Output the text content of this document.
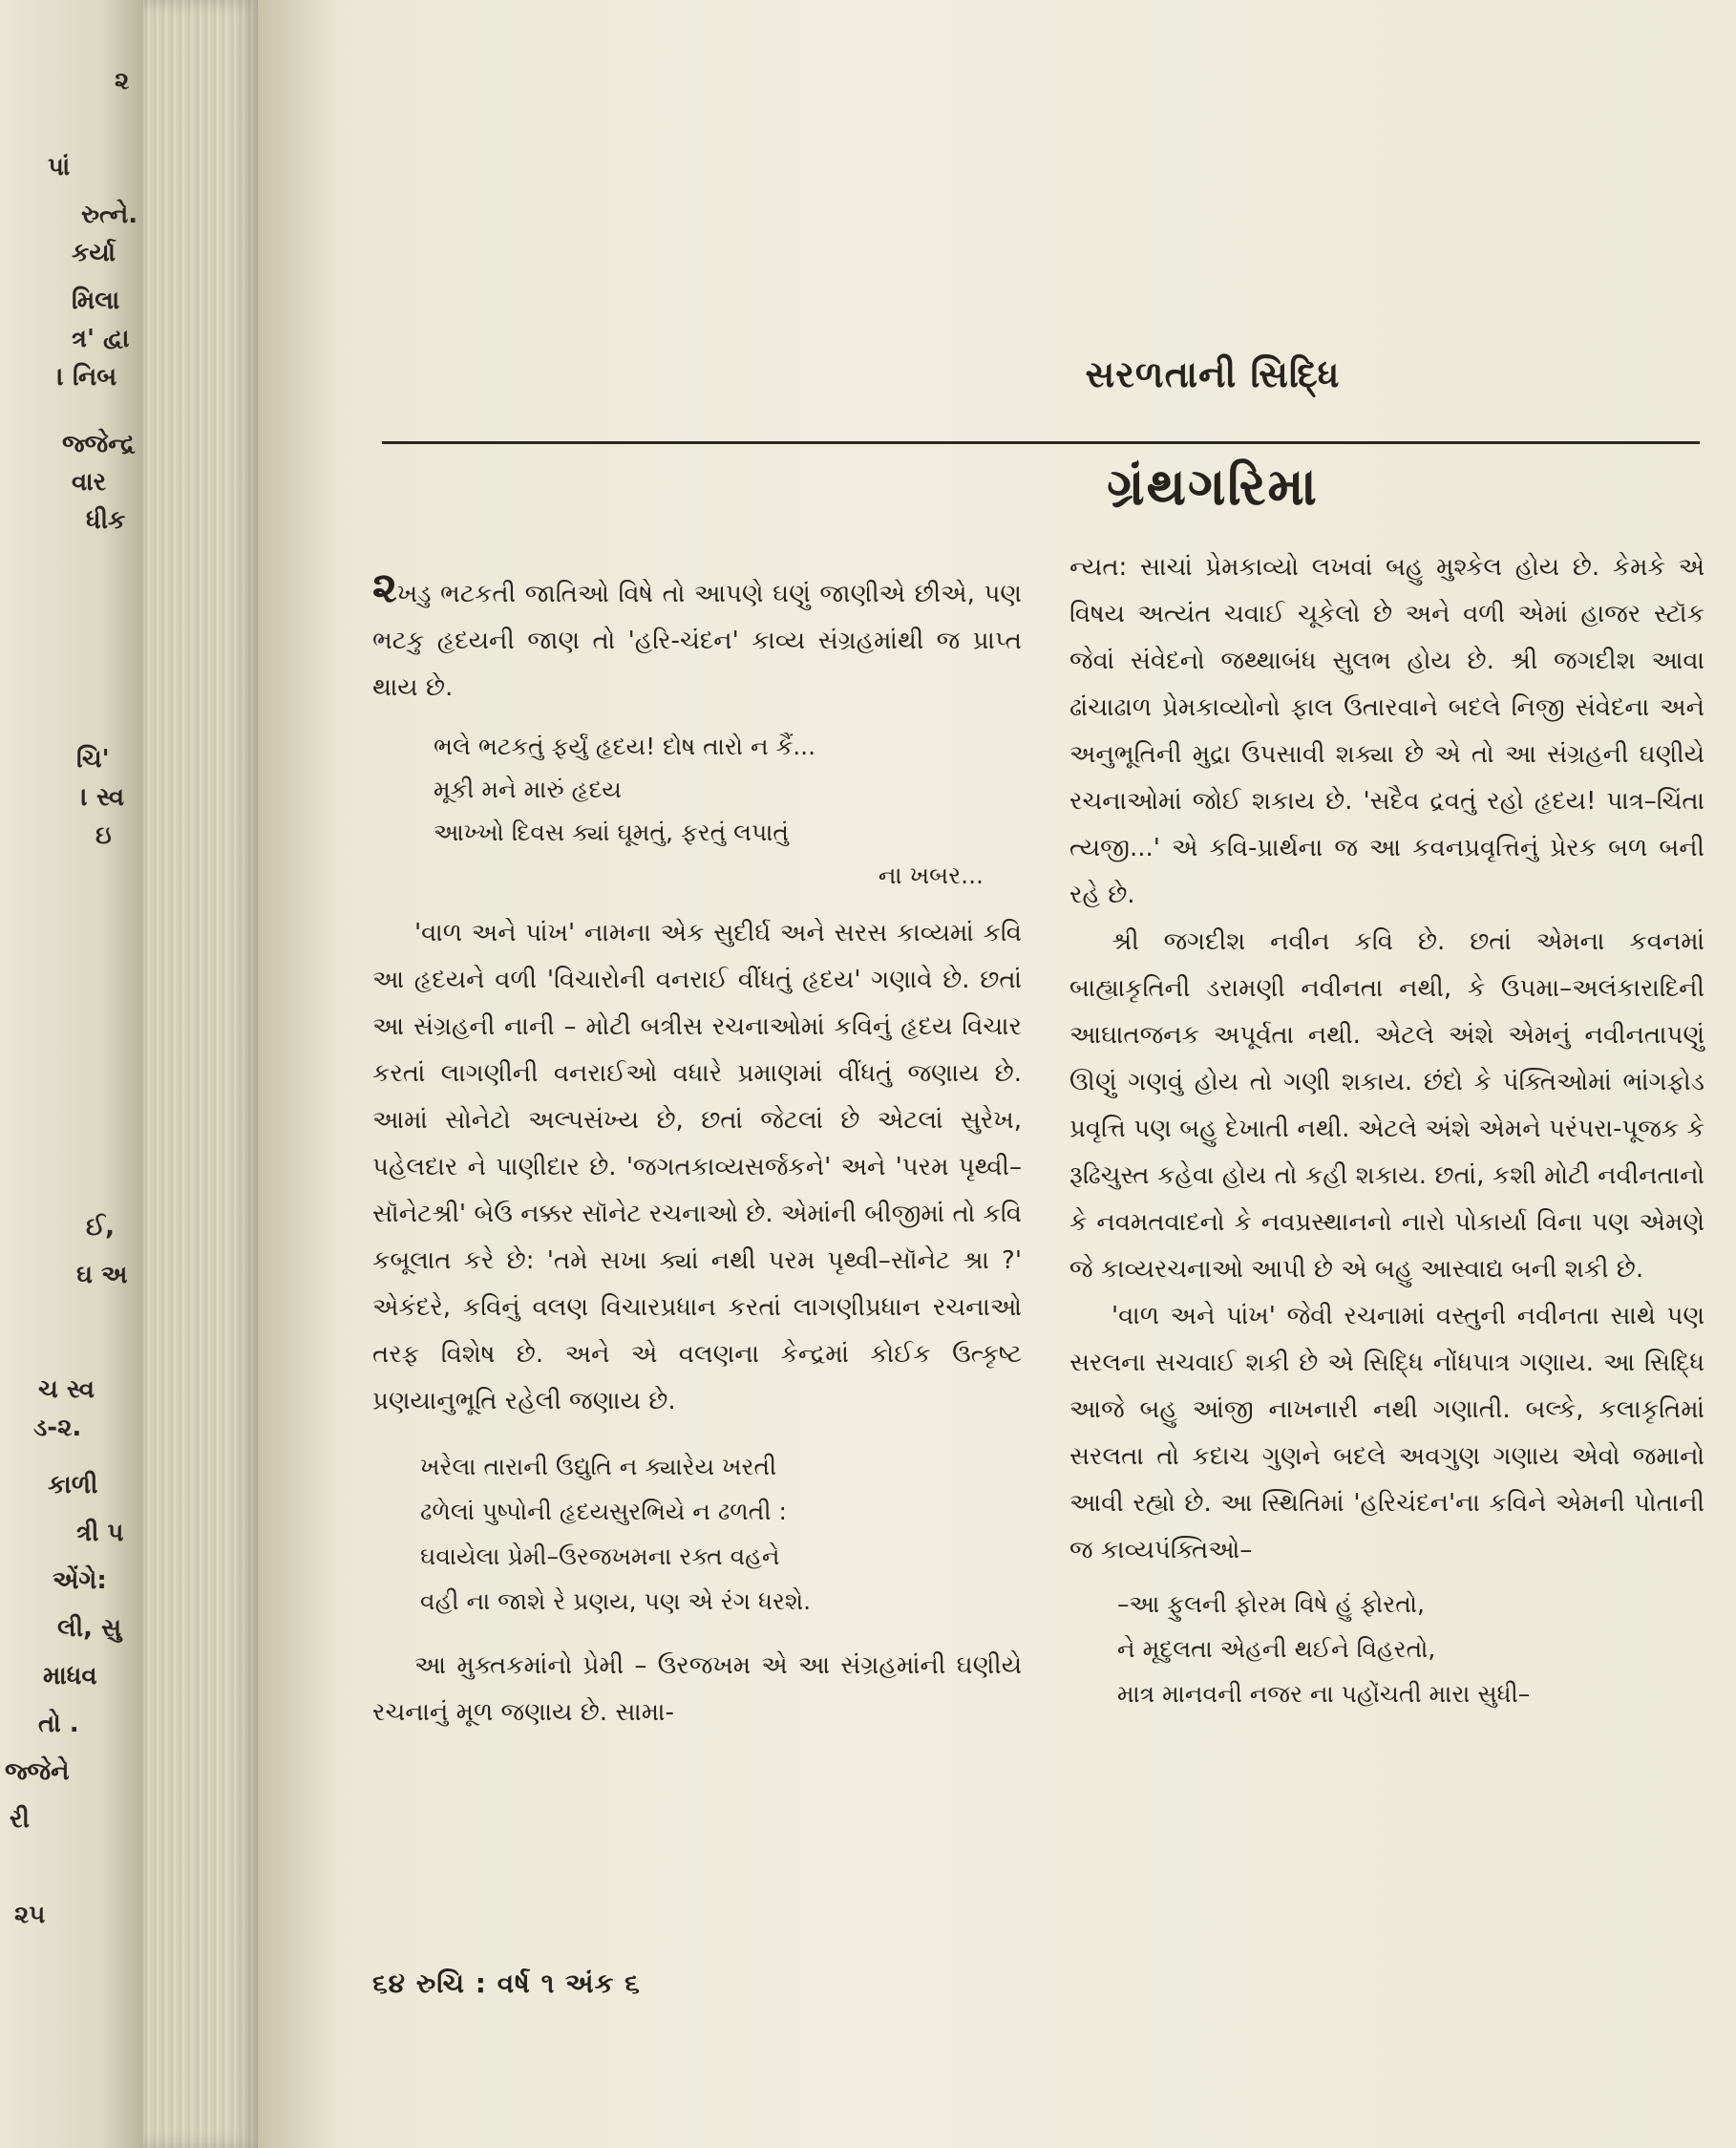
૨
પાં
રુત્ને.
કર્યા
મિલા
ત્ર' દ્વા
। નિબ
જ્જેન્દ્ર
વાર
ધીક
ચિ'
। સ્વ
ઇ
ઈ,
ઘ અ
ચ સ્વ
ડ-૨.
કાળી
ત્રી પ
એંગે:
લી, સુ
માધવ
તો .
જ્જેને
રી
૨૫
સરળતાની સિદ્ધિ
ગ્રંથગરિમા

૨ખડુ ભટકતી જાતિઓ વિષે તો આપણે ઘણું જાણીએ છીએ, પણ ભટકુ હૃદયની જાણ તો 'હરિ-ચંદન' કાવ્ય સંગ્રહમાંથી જ પ્રાપ્ત થાય છે.

ભલે ભટકતું ફર્યું હૃદય! દોષ તારો ન કૈં...
મૂકી મને મારું હૃદય
આખ્ખો દિવસ ક્યાં ઘૂમતું, ફરતું લપાતું
ના ખબર...

'વાળ અને પાંખ' નામના એક સુદીર્ઘ અને સરસ કાવ્યમાં કવિ આ હૃદયને વળી 'વિચારોની વનરાઈ વીંધતું હૃદય' ગણાવે છે. છતાં આ સંગ્રહની નાની – મોટી બત્રીસ રચનાઓમાં કવિનું હૃદય વિચાર કરતાં લાગણીની વનરાઈઓ વધારે પ્રમાણમાં વીંધતું જણાય છે. આમાં સોનેટો અલ્પસંખ્ય છે, છતાં જેટલાં છે એટલાં સુરેખ, પહેલદાર ને પાણીદાર છે. 'જગતકાવ્યસર્જકને' અને 'પરમ પૃથ્વી–સૉનેટશ્રી' બેઉ નક્કર સૉનેટ રચનાઓ છે. એમાંની બીજીમાં તો કવિ કબૂલાત કરે છે: 'તમે સખા ક્યાં નથી પરમ પૃથ્વી–સૉનેટ શ્રા ?' એકંદરે, કવિનું વલણ વિચારપ્રધાન કરતાં લાગણીપ્રધાન રચનાઓ તરફ વિશેષ છે. અને એ વલણના કેન્દ્રમાં કોઈક ઉત્કૃષ્ટ પ્રણયાનુભૂતિ રહેલી જણાય છે.

ખરેલા તારાની ઉદ્યુતિ ન ક્યારેય ખરતી
ઢળેલાં પુષ્પોની હૃદયસુરભિયે ન ઢળતી :
ઘવાયેલા પ્રેમી–ઉરજખમના રક્ત વહને
વહી ના જાશે રે પ્રણય, પણ એ રંગ ધરશે.

આ મુક્તકમાંનો પ્રેમી – ઉરજખમ એ આ સંગ્રહમાંની ઘણીયે રચનાનું મૂળ જણાય છે. સામા-

ન્યત: સાચાં પ્રેમકાવ્યો લખવાં બહુ મુશ્કેલ હોય છે. કેમકે એ વિષય અત્યંત ચવાઈ ચૂકેલો છે અને વળી એમાં હાજર સ્ટૉક જેવાં સંવેદનો જથ્થાબંધ સુલભ હોય છે. શ્રી જગદીશ આવા ઢાંચાઢાળ પ્રેમકાવ્યોનો ફાલ ઉતારવાને બદલે નિજી સંવેદના અને અનુભૂતિની મુદ્રા ઉપસાવી શક્યા છે એ તો આ સંગ્રહની ઘણીયે રચનાઓમાં જોઈ શકાય છે. 'સદૈવ દ્રવતું રહો હૃદય! પાત્ર–ચિંતા ત્યજી...' એ કવિ-પ્રાર્થના જ આ કવનપ્રવૃત્તિનું પ્રેરક બળ બની રહે છે.

શ્રી જગદીશ નવીન કવિ છે. છતાં એમના કવનમાં બાહ્યાકૃતિની ડરામણી નવીનતા નથી, કે ઉપમા–અલંકારાદિની આઘાતજનક અપૂર્વતા નથી. એટલે અંશે એમનું નવીનતાપણું ઊણું ગણવું હોય તો ગણી શકાય. છંદો કે પંક્તિઓમાં ભાંગફોડ પ્રવૃત્તિ પણ બહુ દેખાતી નથી. એટલે અંશે એમને પરંપરા-પૂજક કે રૂઢિચુસ્ત કહેવા હોય તો કહી શકાય. છતાં, કશી મોટી નવીનતાનો કે નવમતવાદનો કે નવપ્રસ્થાનનો નારો પોકાર્યા વિના પણ એમણે જે કાવ્યરચનાઓ આપી છે એ બહુ આસ્વાદ્ય બની શકી છે.

'વાળ અને પાંખ' જેવી રચનામાં વસ્તુની નવીનતા સાથે પણ સરલના સચવાઈ શકી છે એ સિદ્ધિ નોંધપાત્ર ગણાય. આ સિદ્ધિ આજે બહુ આંજી નાખનારી નથી ગણાતી. બલ્કે, કલાકૃતિમાં સરલતા તો કદાચ ગુણને બદલે અવગુણ ગણાય એવો જમાનો આવી રહ્યો છે. આ સ્થિતિમાં 'હરિચંદન'ના કવિને એમની પોતાની જ કાવ્યપંક્તિઓ–

–આ ફુલની ફોરમ વિષે હું ફોરતો,
ને મૃદુલતા એહની થઈને વિહરતો,
માત્ર માનવની નજર ના પહોંચતી મારા સુધી–
૬૪ રુચિ : વર્ષ ૧ અંક ૬
